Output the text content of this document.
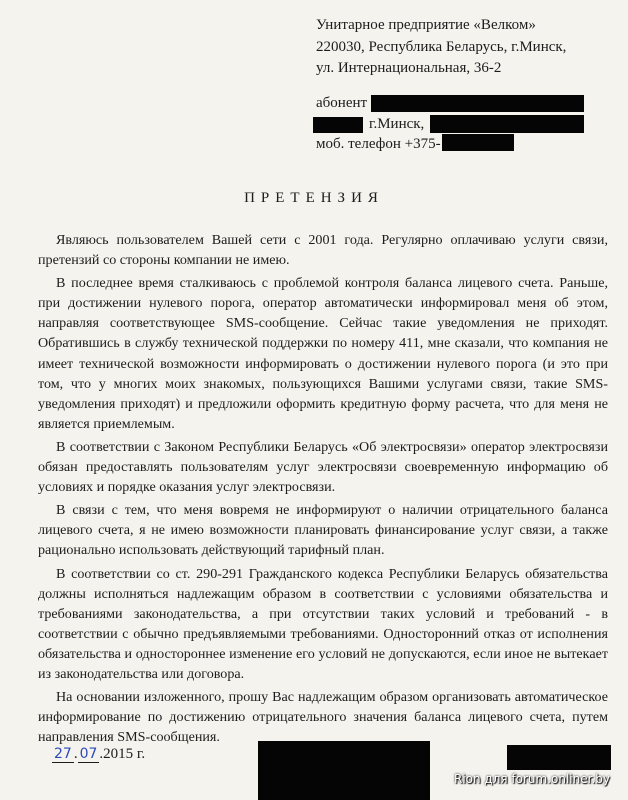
Унитарное предприятие «Велком»
220030, Республика Беларусь, г.Минск,
ул. Интернациональная, 36-2
абонент
г.Минск,
моб. телефон +375-
ПРЕТЕНЗИЯ

Являюсь пользователем Вашей сети с 2001 года. Регулярно оплачиваю услуги связи, претензий со стороны компании не имею.

В последнее время сталкиваюсь с проблемой контроля баланса лицевого счета. Раньше, при достижении нулевого порога, оператор автоматически информировал меня об этом, направляя соответствующее SMS-сообщение. Сейчас такие уведомления не приходят. Обратившись в службу технической поддержки по номеру 411, мне сказали, что компания не имеет технической возможности информировать о достижении нулевого порога (и это при том, что у многих моих знакомых, пользующихся Вашими услугами связи, такие SMS-уведомления приходят) и предложили оформить кредитную форму расчета, что для меня не является приемлемым.

В соответствии с Законом Республики Беларусь «Об электросвязи» оператор электросвязи обязан предоставлять пользователям услуг электросвязи своевременную информацию об условиях и порядке оказания услуг электросвязи.

В связи с тем, что меня вовремя не информируют о наличии отрицательного баланса лицевого счета, я не имею возможности планировать финансирование услуг связи, а также рационально использовать действующий тарифный план.

В соответствии со ст. 290-291 Гражданского кодекса Республики Беларусь обязательства должны исполняться надлежащим образом в соответствии с условиями обязательства и требованиями законодательства, а при отсутствии таких условий и требований - в соответствии с обычно предъявляемыми требованиями. Односторонний отказ от исполнения обязательства и одностороннее изменение его условий не допускаются, если иное не вытекает из законодательства или договора.

На основании изложенного, прошу Вас надлежащим образом организовать автоматическое информирование по достижению отрицательного значения баланса лицевого счета, путем направления SMS-сообщения.

27 . 07 .2015 г.
Rion для forum.onliner.by
